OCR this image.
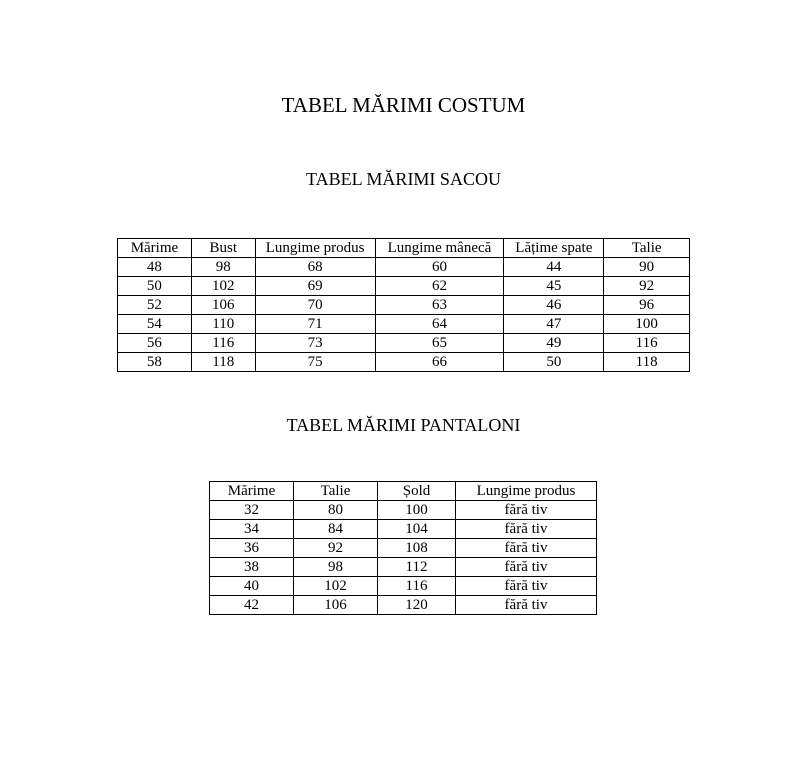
TABEL MĂRIMI COSTUM
TABEL MĂRIMI SACOU
Mărime	Bust	Lungime produs	Lungime mânecă	Lățime spate	Talie
48	98	68	60	44	90
50	102	69	62	45	92
52	106	70	63	46	96
54	110	71	64	47	100
56	116	73	65	49	116
58	118	75	66	50	118
TABEL MĂRIMI PANTALONI
Mărime	Talie	Șold	Lungime produs
32	80	100	fără tiv
34	84	104	fără tiv
36	92	108	fără tiv
38	98	112	fără tiv
40	102	116	fără tiv
42	106	120	fără tiv
